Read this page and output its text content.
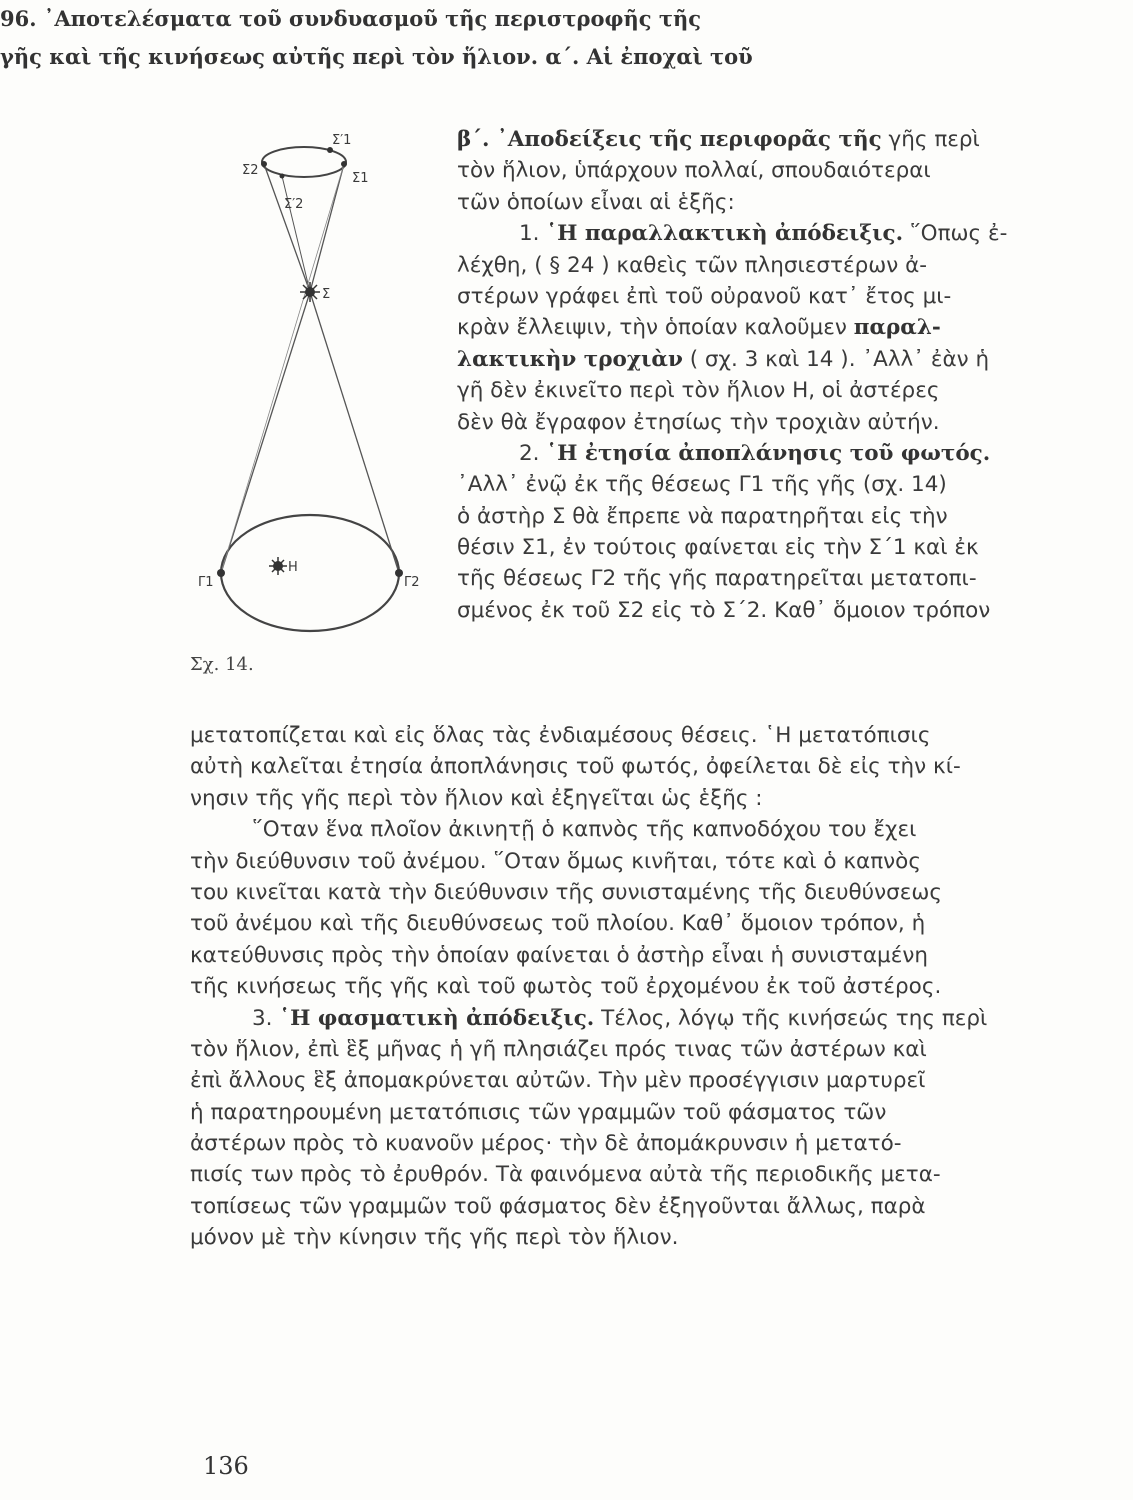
Σ′1
Σ2
Σ1
Σ′2
Σ
Γ1	Γ2
Η
Σχ. 14.
β΄. ᾿Αποδείξεις τῆς περιφορᾶς τῆς γῆς περὶ
τὸν ἥλιον, ὑπάρχουν πολλαί, σπουδαιότεραι
τῶν ὁποίων εἶναι αἱ ἑξῆς:
1. ῾Η παραλλακτικὴ ἀπόδειξις. ῞Οπως ἐ-
λέχθη, ( § 24 ) καθεὶς τῶν πλησιεστέρων ἀ-
στέρων γράφει ἐπὶ τοῦ οὐρανοῦ κατ᾿ ἔτος μι-
κρὰν ἔλλειψιν, τὴν ὁποίαν καλοῦμεν παραλ-
λακτικὴν τροχιὰν ( σχ. 3 καὶ 14 ). ᾿Αλλ᾿ ἐὰν ἡ
γῆ δὲν ἐκινεῖτο περὶ τὸν ἥλιον Η, οἱ ἀστέρες
δὲν θὰ ἔγραφον ἐτησίως τὴν τροχιὰν αὐτήν.
2. ῾Η ἐτησία ἀποπλάνησις τοῦ φωτός.
᾿Αλλ᾿ ἐνῷ ἐκ τῆς θέσεως Γ1 τῆς γῆς (σχ. 14)
ὁ ἀστὴρ Σ θὰ ἔπρεπε νὰ παρατηρῆται εἰς τὴν
θέσιν Σ1, ἐν τούτοις φαίνεται εἰς τὴν Σ΄1 καὶ ἐκ
τῆς θέσεως Γ2 τῆς γῆς παρατηρεῖται μετατοπι-
σμένος ἐκ τοῦ Σ2 εἰς τὸ Σ΄2. Καθ᾿ ὅμοιον τρόπον
μετατοπίζεται καὶ εἰς ὅλας τὰς ἐνδιαμέσους θέσεις. ῾Η μετατόπισις
αὐτὴ καλεῖται ἐτησία ἀποπλάνησις τοῦ φωτός, ὀφείλεται δὲ εἰς τὴν κί-
νησιν τῆς γῆς περὶ τὸν ἥλιον καὶ ἐξηγεῖται ὡς ἑξῆς :
῞Οταν ἕνα πλοῖον ἀκινητῇ ὁ καπνὸς τῆς καπνοδόχου του ἔχει
τὴν διεύθυνσιν τοῦ ἀνέμου. ῞Οταν ὅμως κινῆται, τότε καὶ ὁ καπνὸς
του κινεῖται κατὰ τὴν διεύθυνσιν τῆς συνισταμένης τῆς διευθύνσεως
τοῦ ἀνέμου καὶ τῆς διευθύνσεως τοῦ πλοίου. Καθ᾿ ὅμοιον τρόπον, ἡ
κατεύθυνσις πρὸς τὴν ὁποίαν φαίνεται ὁ ἀστὴρ εἶναι ἡ συνισταμένη
τῆς κινήσεως τῆς γῆς καὶ τοῦ φωτὸς τοῦ ἐρχομένου ἐκ τοῦ ἀστέρος.
3. ῾Η φασματικὴ ἀπόδειξις. Τέλος, λόγῳ τῆς κινήσεώς της περὶ
τὸν ἥλιον, ἐπὶ ἓξ μῆνας ἡ γῆ πλησιάζει πρός τινας τῶν ἀστέρων καὶ
ἐπὶ ἄλλους ἓξ ἀπομακρύνεται αὐτῶν. Τὴν μὲν προσέγγισιν μαρτυρεῖ
ἡ παρατηρουμένη μετατόπισις τῶν γραμμῶν τοῦ φάσματος τῶν
ἀστέρων πρὸς τὸ κυανοῦν μέρος· τὴν δὲ ἀπομάκρυνσιν ἡ μετατό-
πισίς των πρὸς τὸ ἐρυθρόν. Τὰ φαινόμενα αὐτὰ τῆς περιοδικῆς μετα-
τοπίσεως τῶν γραμμῶν τοῦ φάσματος δὲν ἐξηγοῦνται ἄλλως, παρὰ
μόνον μὲ τὴν κίνησιν τῆς γῆς περὶ τὸν ἥλιον.
96. ᾿Αποτελέσματα τοῦ συνδυασμοῦ τῆς περιστροφῆς τῆς
γῆς καὶ τῆς κινήσεως αὐτῆς περὶ τὸν ἥλιον. α΄. Αἱ ἐποχαὶ τοῦ
136
